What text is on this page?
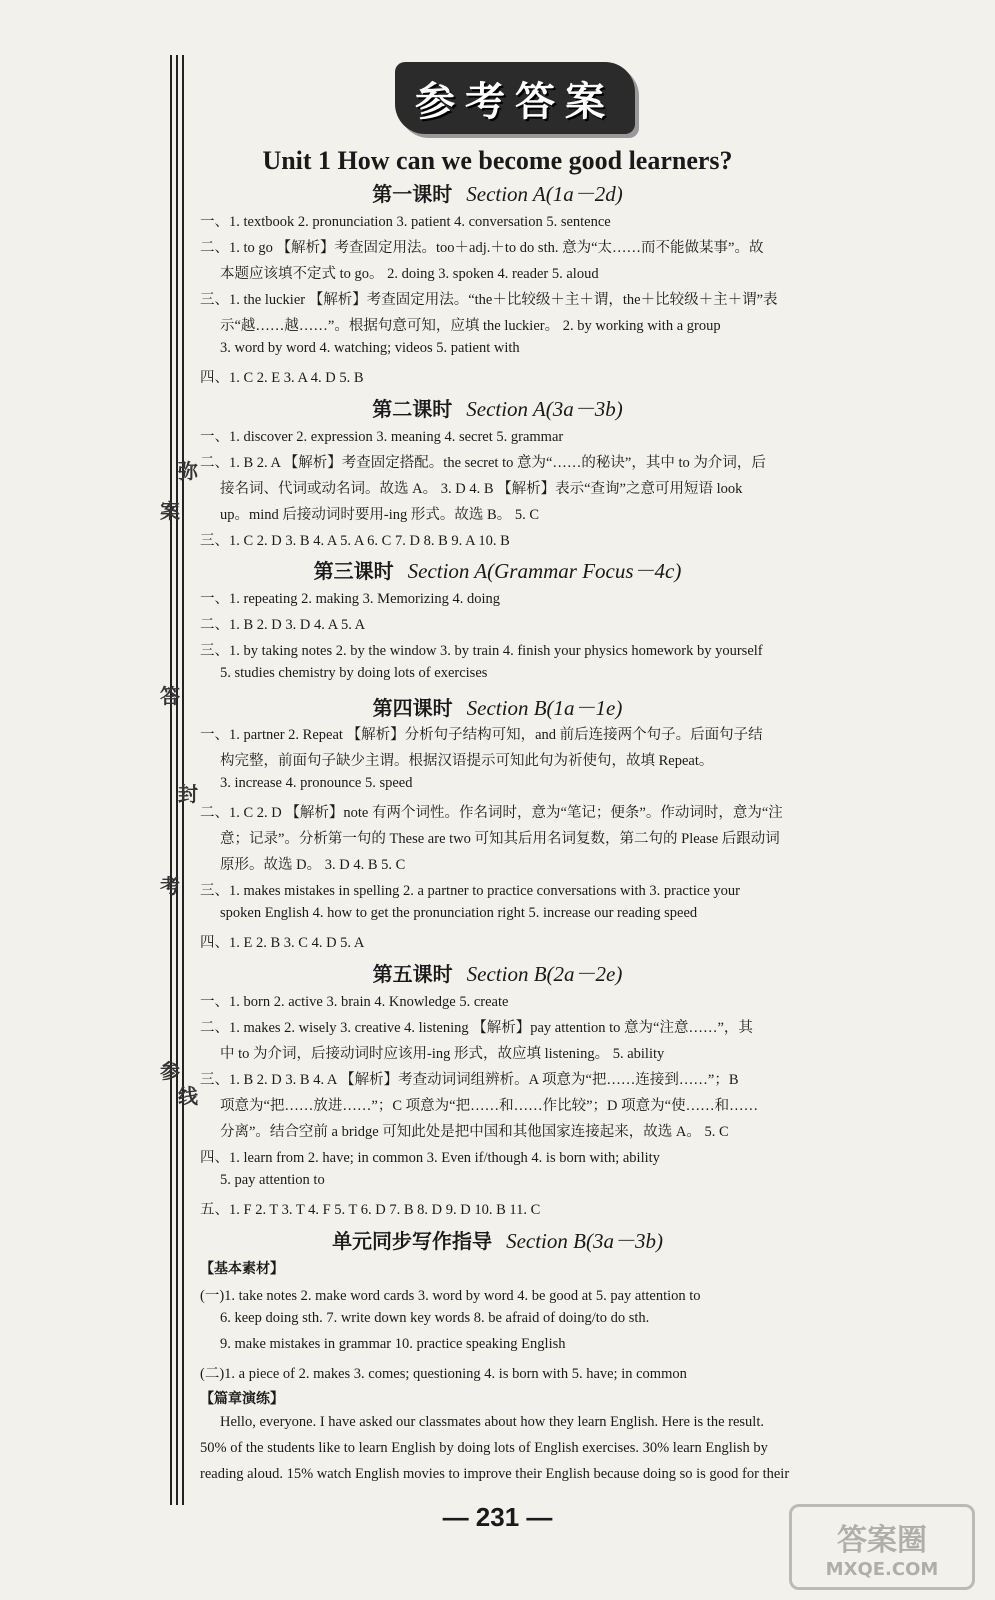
弥
案
答
封
考
线
参
参考答案
Unit 1 How can we become good learners?
第一课时 Section A(1a－2d)
第二课时 Section A(3a－3b)
第三课时 Section A(Grammar Focus－4c)
第四课时 Section B(1a－1e)
第五课时 Section B(2a－2e)
单元同步写作指导 Section B(3a－3b)
一、1. textbook 2. pronunciation 3. patient 4. conversation 5. sentence
二、1. to go 【解析】考查固定用法。too＋adj.＋to do sth. 意为“太……而不能做某事”。故
本题应该填不定式 to go。 2. doing 3. spoken 4. reader 5. aloud
三、1. the luckier 【解析】考查固定用法。“the＋比较级＋主＋谓，the＋比较级＋主＋谓”表
示“越……越……”。根据句意可知，应填 the luckier。 2. by working with a group
3. word by word 4. watching; videos 5. patient with
四、1. C 2. E 3. A 4. D 5. B
一、1. discover 2. expression 3. meaning 4. secret 5. grammar
二、1. B 2. A 【解析】考查固定搭配。the secret to 意为“……的秘诀”，其中 to 为介词，后
接名词、代词或动名词。故选 A。 3. D 4. B 【解析】表示“查询”之意可用短语 look
up。mind 后接动词时要用-ing 形式。故选 B。 5. C
三、1. C 2. D 3. B 4. A 5. A 6. C 7. D 8. B 9. A 10. B
一、1. repeating 2. making 3. Memorizing 4. doing
二、1. B 2. D 3. D 4. A 5. A
三、1. by taking notes 2. by the window 3. by train 4. finish your physics homework by yourself
5. studies chemistry by doing lots of exercises
一、1. partner 2. Repeat 【解析】分析句子结构可知，and 前后连接两个句子。后面句子结
构完整，前面句子缺少主谓。根据汉语提示可知此句为祈使句，故填 Repeat。
3. increase 4. pronounce 5. speed
二、1. C 2. D 【解析】note 有两个词性。作名词时，意为“笔记；便条”。作动词时，意为“注
意；记录”。分析第一句的 These are two 可知其后用名词复数，第二句的 Please 后跟动词
原形。故选 D。 3. D 4. B 5. C
三、1. makes mistakes in spelling 2. a partner to practice conversations with 3. practice your
spoken English 4. how to get the pronunciation right 5. increase our reading speed
四、1. E 2. B 3. C 4. D 5. A
一、1. born 2. active 3. brain 4. Knowledge 5. create
二、1. makes 2. wisely 3. creative 4. listening 【解析】pay attention to 意为“注意……”，其
中 to 为介词，后接动词时应该用-ing 形式，故应填 listening。 5. ability
三、1. B 2. D 3. B 4. A 【解析】考查动词词组辨析。A 项意为“把……连接到……”；B
项意为“把……放进……”；C 项意为“把……和……作比较”；D 项意为“使……和……
分离”。结合空前 a bridge 可知此处是把中国和其他国家连接起来，故选 A。 5. C
四、1. learn from 2. have; in common 3. Even if/though 4. is born with; ability
5. pay attention to
五、1. F 2. T 3. T 4. F 5. T 6. D 7. B 8. D 9. D 10. B 11. C
【基本素材】
(一)1. take notes 2. make word cards 3. word by word 4. be good at 5. pay attention to
6. keep doing sth. 7. write down key words 8. be afraid of doing/to do sth.
9. make mistakes in grammar 10. practice speaking English
(二)1. a piece of 2. makes 3. comes; questioning 4. is born with 5. have; in common
【篇章演练】
Hello, everyone. I have asked our classmates about how they learn English. Here is the result.
50% of the students like to learn English by doing lots of English exercises. 30% learn English by
reading aloud. 15% watch English movies to improve their English because doing so is good for their
— 231 —
答案圈
MXQE.COM
